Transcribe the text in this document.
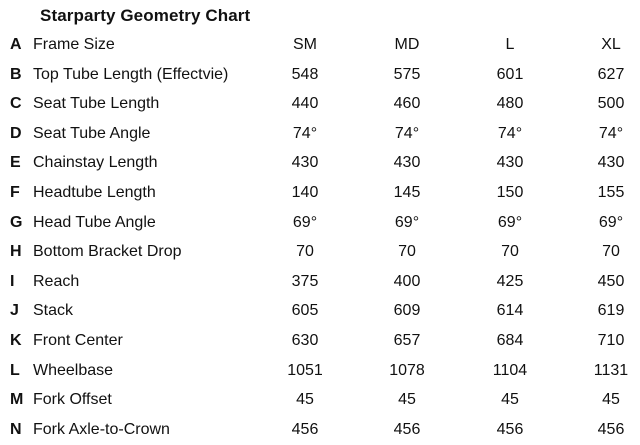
Starparty Geometry Chart
A Frame Size	SM	MD	L	XL
B Top Tube Length (Effectvie)	548	575	601	627
C Seat Tube Length	440	460	480	500
D Seat Tube Angle	74°	74°	74°	74°
E Chainstay Length	430	430	430	430
F Headtube Length	140	145	150	155
G Head Tube Angle	69°	69°	69°	69°
H Bottom Bracket Drop	70	70	70	70
I Reach	375	400	425	450
J Stack	605	609	614	619
K Front Center	630	657	684	710
L Wheelbase	1051	1078	1104	1131
M Fork Offset	45	45	45	45
N Fork Axle-to-Crown	456	456	456	456
